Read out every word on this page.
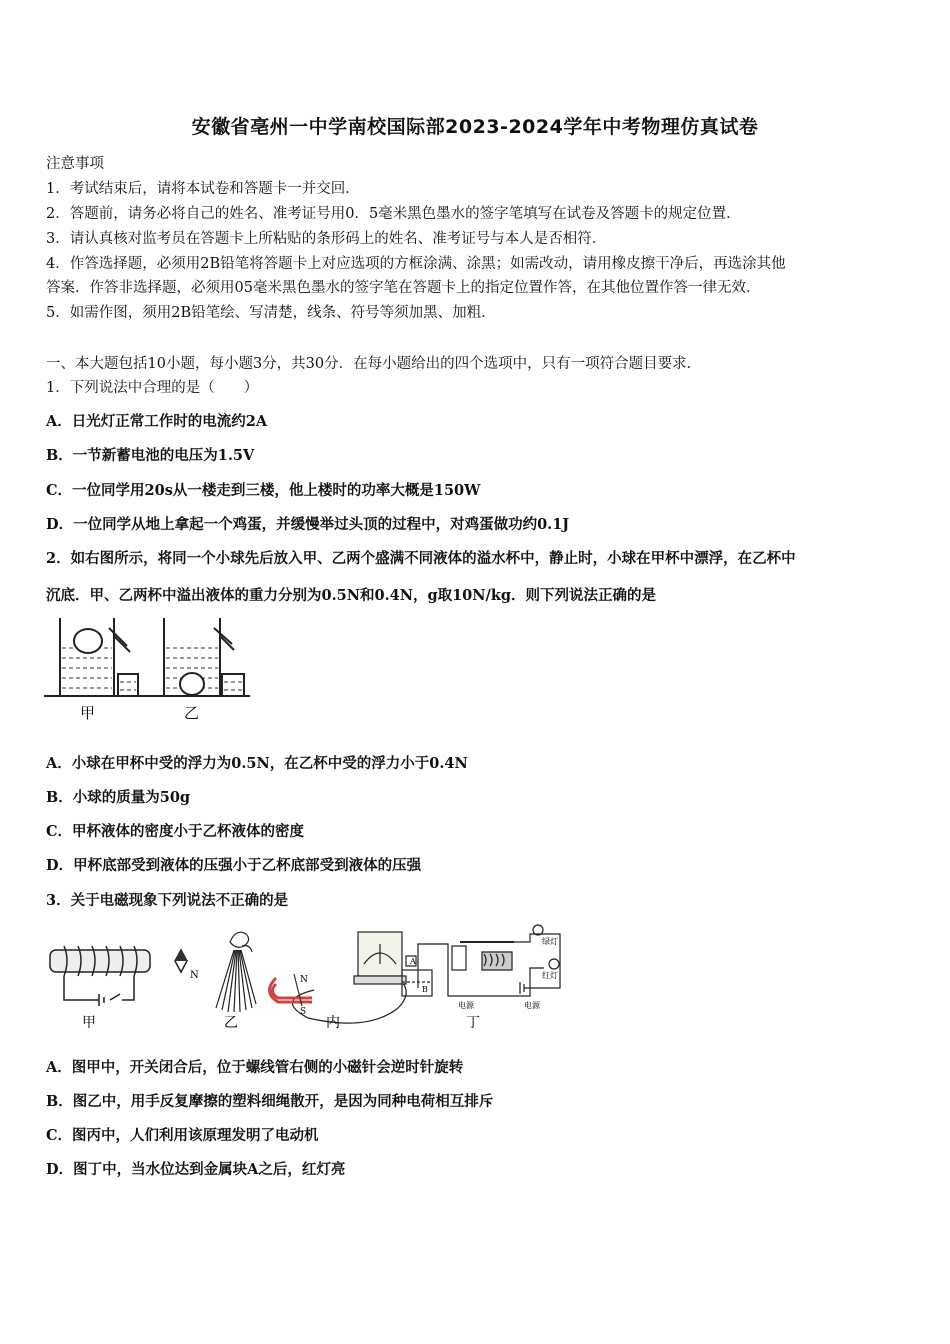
安徽省亳州一中学南校国际部2023-2024学年中考物理仿真试卷
注意事项
1．考试结束后，请将本试卷和答题卡一并交回．
2．答题前，请务必将自己的姓名、准考证号用0．5毫米黑色墨水的签字笔填写在试卷及答题卡的规定位置．
3．请认真核对监考员在答题卡上所粘贴的条形码上的姓名、准考证号与本人是否相符．
4．作答选择题，必须用2B铅笔将答题卡上对应选项的方框涂满、涂黑；如需改动，请用橡皮擦干净后，再选涂其他
答案．作答非选择题，必须用05毫米黑色墨水的签字笔在答题卡上的指定位置作答，在其他位置作答一律无效．
5．如需作图，须用2B铅笔绘、写清楚，线条、符号等须加黑、加粗．
一、本大题包括10小题，每小题3分，共30分．在每小题给出的四个选项中，只有一项符合题目要求．
1．下列说法中合理的是（　　）
A．日光灯正常工作时的电流约2A
B．一节新蓄电池的电压为1.5V
C．一位同学用20s从一楼走到三楼，他上楼时的功率大概是150W
D．一位同学从地上拿起一个鸡蛋，并缓慢举过头顶的过程中，对鸡蛋做功约0.1J
2．如右图所示，将同一个小球先后放入甲、乙两个盛满不同液体的溢水杯中，静止时，小球在甲杯中漂浮，在乙杯中
沉底．甲、乙两杯中溢出液体的重力分别为0.5N和0.4N，g取10N/kg．则下列说法正确的是
甲	乙
A．小球在甲杯中受的浮力为0.5N，在乙杯中受的浮力小于0.4N
B．小球的质量为50g
C．甲杯液体的密度小于乙杯液体的密度
D．甲杯底部受到液体的压强小于乙杯底部受到液体的压强
3．关于电磁现象下列说法不正确的是
N
甲	乙
N
S
内
A
B
绿灯
红灯
电源	电源
丁
A．图甲中，开关闭合后，位于螺线管右侧的小磁针会逆时针旋转
B．图乙中，用手反复摩擦的塑料细绳散开，是因为同种电荷相互排斥
C．图丙中，人们利用该原理发明了电动机
D．图丁中，当水位达到金属块A之后，红灯亮
